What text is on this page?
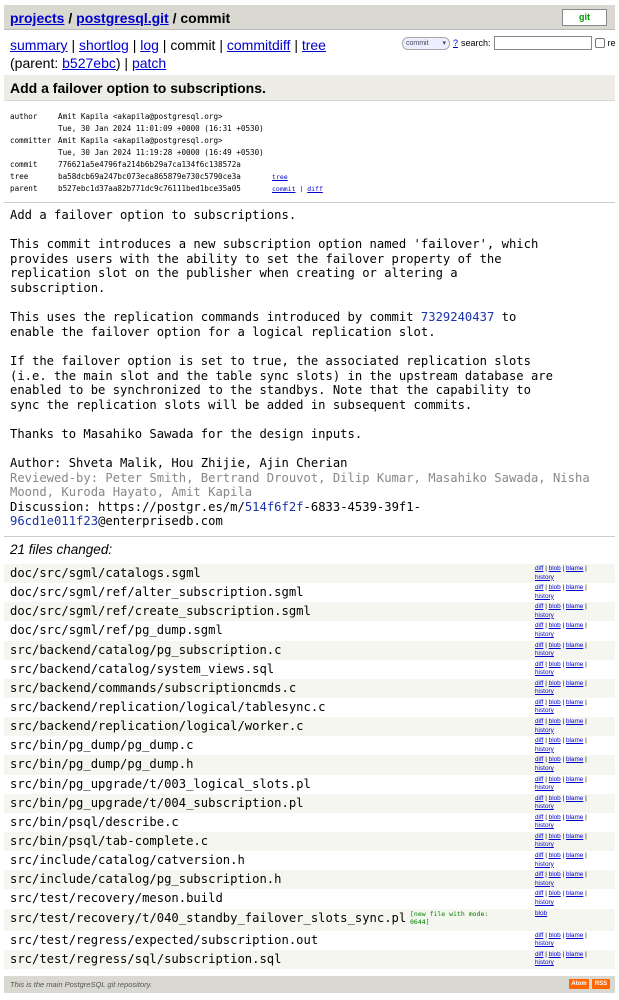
projects / postgresql.git / commit	git
summary | shortlog | log | commit | commitdiff | tree
(parent: b527ebc) | patch
commit ▾ ? search:	re
Add a failover option to subscriptions.
author	Amit Kapila <akapila@postgresql.org>
Tue, 30 Jan 2024 11:01:09 +0000 (16:31 +0530)
committer Amit Kapila <akapila@postgresql.org>
Tue, 30 Jan 2024 11:19:28 +0000 (16:49 +0530)
commit	776621a5e4796fa214b6b29a7ca134f6c138572a
tree	ba58dcb69a247bc073eca865879e730c5790ce3a	tree
parent	b527ebc1d37aa82b771dc9c76111bed1bce35a05	commit | diff
Add a failover option to subscriptions.

This commit introduces a new subscription option named 'failover', which
provides users with the ability to set the failover property of the
replication slot on the publisher when creating or altering a
subscription.

This uses the replication commands introduced by commit 7329240437 to
enable the failover option for a logical replication slot.

If the failover option is set to true, the associated replication slots
(i.e. the main slot and the table sync slots) in the upstream database are
enabled to be synchronized to the standbys. Note that the capability to
sync the replication slots will be added in subsequent commits.

Thanks to Masahiko Sawada for the design inputs.

Author: Shveta Malik, Hou Zhijie, Ajin Cherian
Reviewed-by: Peter Smith, Bertrand Drouvot, Dilip Kumar, Masahiko Sawada, Nisha
Moond, Kuroda Hayato, Amit Kapila
Discussion: https://postgr.es/m/514f6f2f-6833-4539-39f1-
96cd1e011f23@enterprisedb.com
21 files changed:
doc/src/sgml/catalogs.sgml	diff | blob | blame |
history
doc/src/sgml/ref/alter_subscription.sgml	diff | blob | blame |
history
doc/src/sgml/ref/create_subscription.sgml	diff | blob | blame |
history
doc/src/sgml/ref/pg_dump.sgml	diff | blob | blame |
history
src/backend/catalog/pg_subscription.c	diff | blob | blame |
history
src/backend/catalog/system_views.sql	diff | blob | blame |
history
src/backend/commands/subscriptioncmds.c	diff | blob | blame |
history
src/backend/replication/logical/tablesync.c	diff | blob | blame |
history
src/backend/replication/logical/worker.c	diff | blob | blame |
history
src/bin/pg_dump/pg_dump.c	diff | blob | blame |
history
src/bin/pg_dump/pg_dump.h	diff | blob | blame |
history
src/bin/pg_upgrade/t/003_logical_slots.pl	diff | blob | blame |
history
src/bin/pg_upgrade/t/004_subscription.pl	diff | blob | blame |
history
src/bin/psql/describe.c	diff | blob | blame |
history
src/bin/psql/tab-complete.c	diff | blob | blame |
history
src/include/catalog/catversion.h	diff | blob | blame |
history
src/include/catalog/pg_subscription.h	diff | blob | blame |
history
src/test/recovery/meson.build	diff | blob | blame |
history
src/test/recovery/t/040_standby_failover_slots_sync.pl [new file with mode: 0644]
blob
src/test/regress/expected/subscription.out	diff | blob | blame |
history
src/test/regress/sql/subscription.sql	diff | blob | blame |
history
This is the main PostgreSQL git repository.	Atom	RSS
